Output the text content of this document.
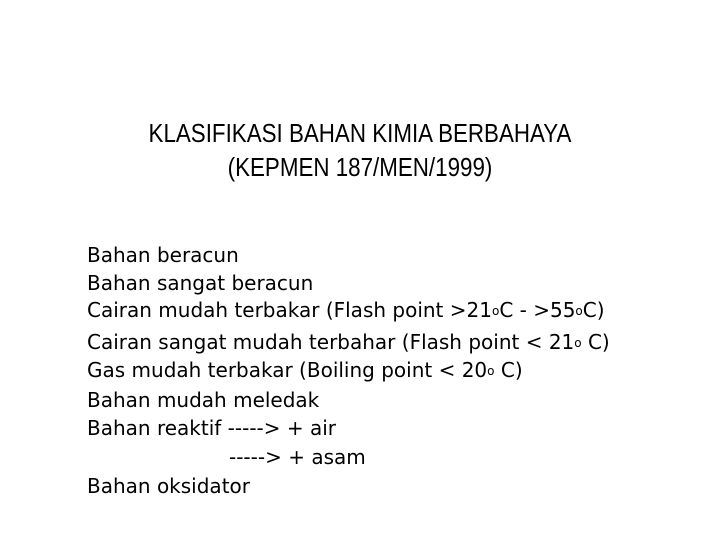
KLASIFIKASI BAHAN KIMIA BERBAHAYA
(KEPMEN 187/MEN/1999)
Bahan beracun
Bahan sangat beracun
Cairan mudah terbakar (Flash point $>21^oC - >55^oC$)
Cairan sangat mudah terbahar (Flash point < $21^o$ C)
Gas mudah terbakar (Boiling point < $20^o$ C)
Bahan mudah meledak
Bahan reaktif -----> + air
-----> + asam
Bahan oksidator
